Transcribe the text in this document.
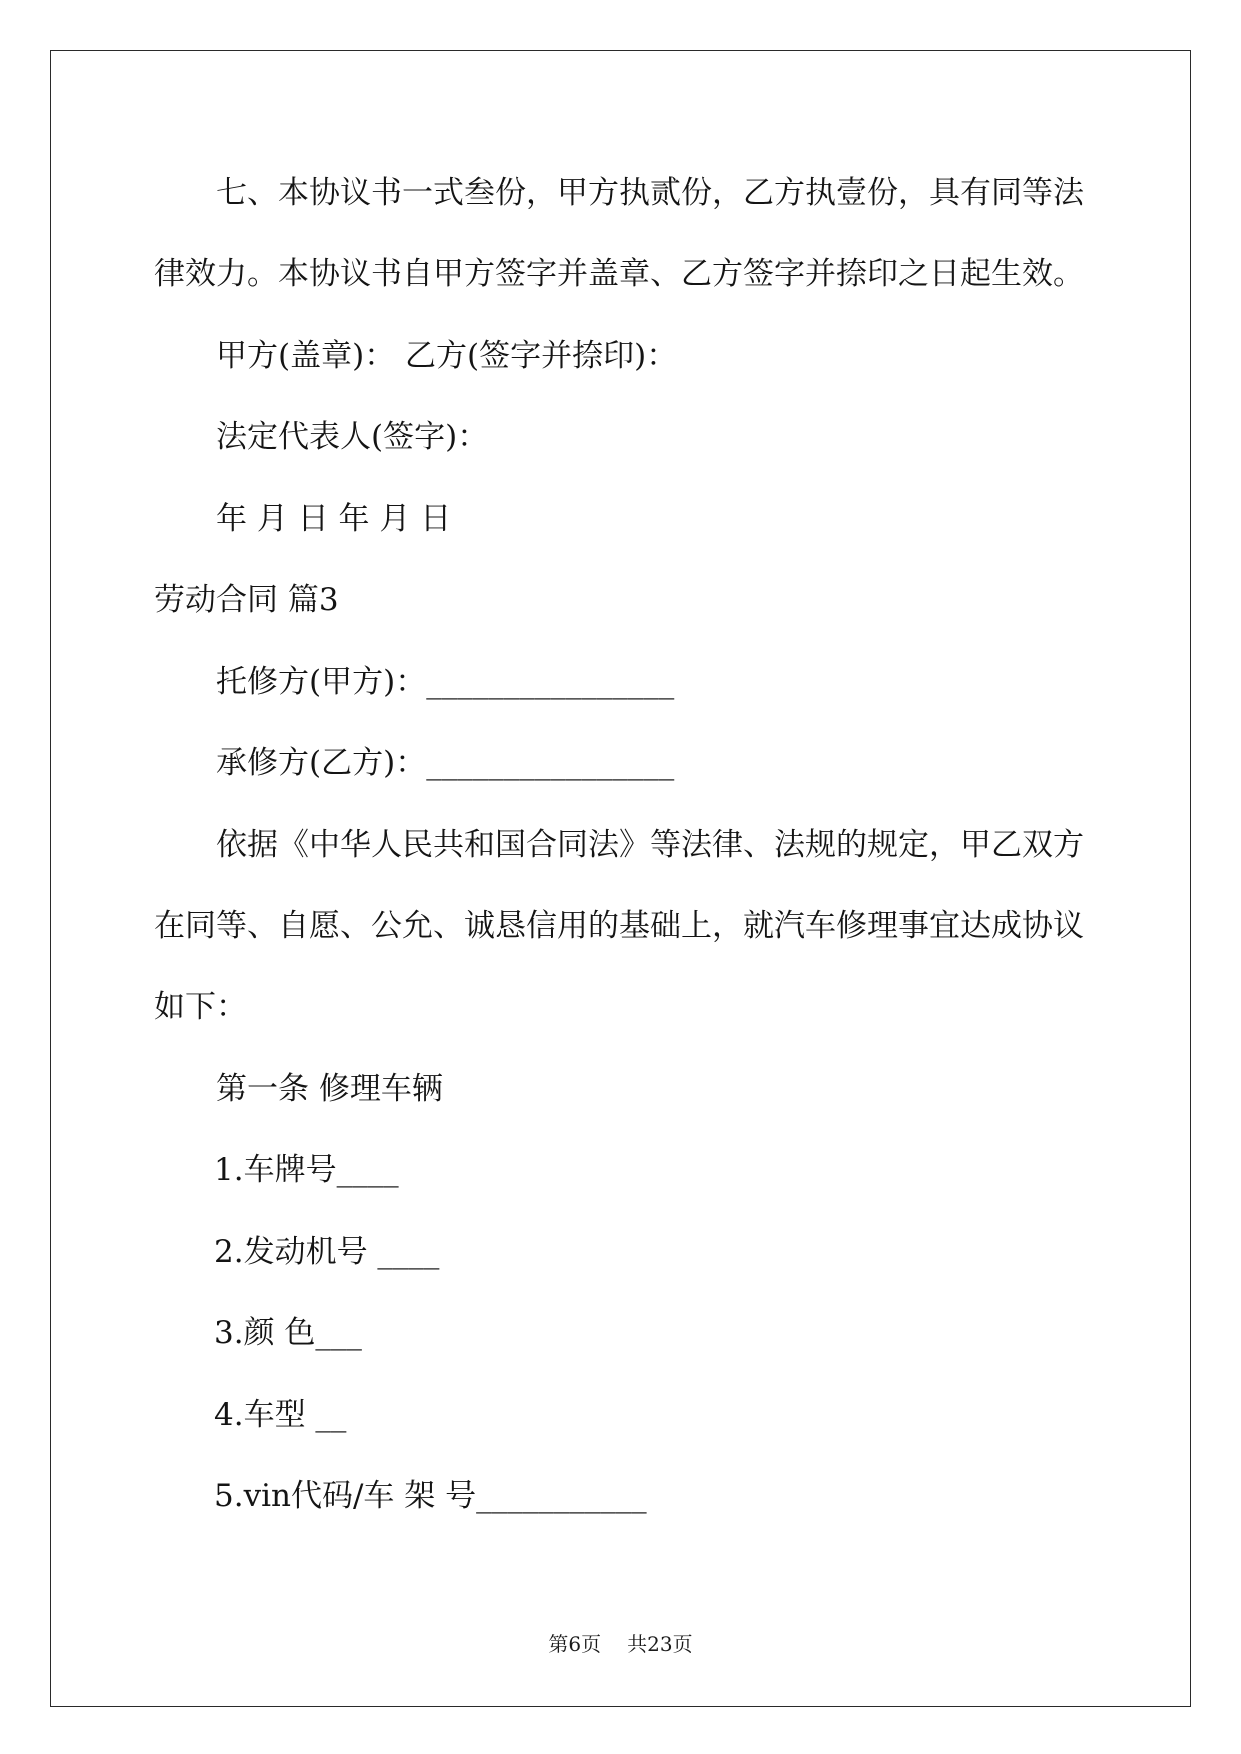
七、本协议书一式叁份，甲方执贰份，乙方执壹份，具有同等法
律效力。本协议书自甲方签字并盖章、乙方签字并捺印之日起生效。
甲方(盖章)： 乙方(签字并捺印)：
法定代表人(签字)：
年 月 日 年 月 日
劳动合同 篇3
托修方(甲方)：________________
承修方(乙方)：________________
依据《中华人民共和国合同法》等法律、法规的规定，甲乙双方
在同等、自愿、公允、诚恳信用的基础上，就汽车修理事宜达成协议
如下：
第一条 修理车辆
1.车牌号____
2.发动机号 ____
3.颜 色___
4.车型 __
5.vin代码/车 架 号___________
第6页 共23页
